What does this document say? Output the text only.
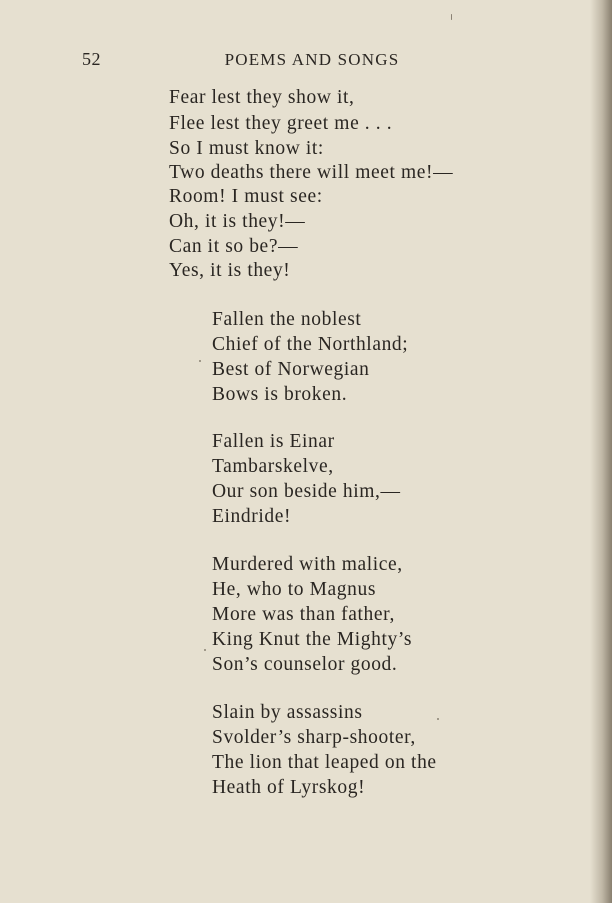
52	POEMS AND SONGS
Fear lest they show it,
Flee lest they greet me . . .
So I must know it:
Two deaths there will meet me!—
Room! I must see:
Oh, it is they!—
Can it so be?—
Yes, it is they!
Fallen the noblest
Chief of the Northland;
Best of Norwegian
Bows is broken.
Fallen is Einar
Tambarskelve,
Our son beside him,—
Eindride!
Murdered with malice,
He, who to Magnus
More was than father,
King Knut the Mighty’s
Son’s counselor good.
Slain by assassins
Svolder’s sharp-shooter,
The lion that leaped on the
Heath of Lyrskog!
